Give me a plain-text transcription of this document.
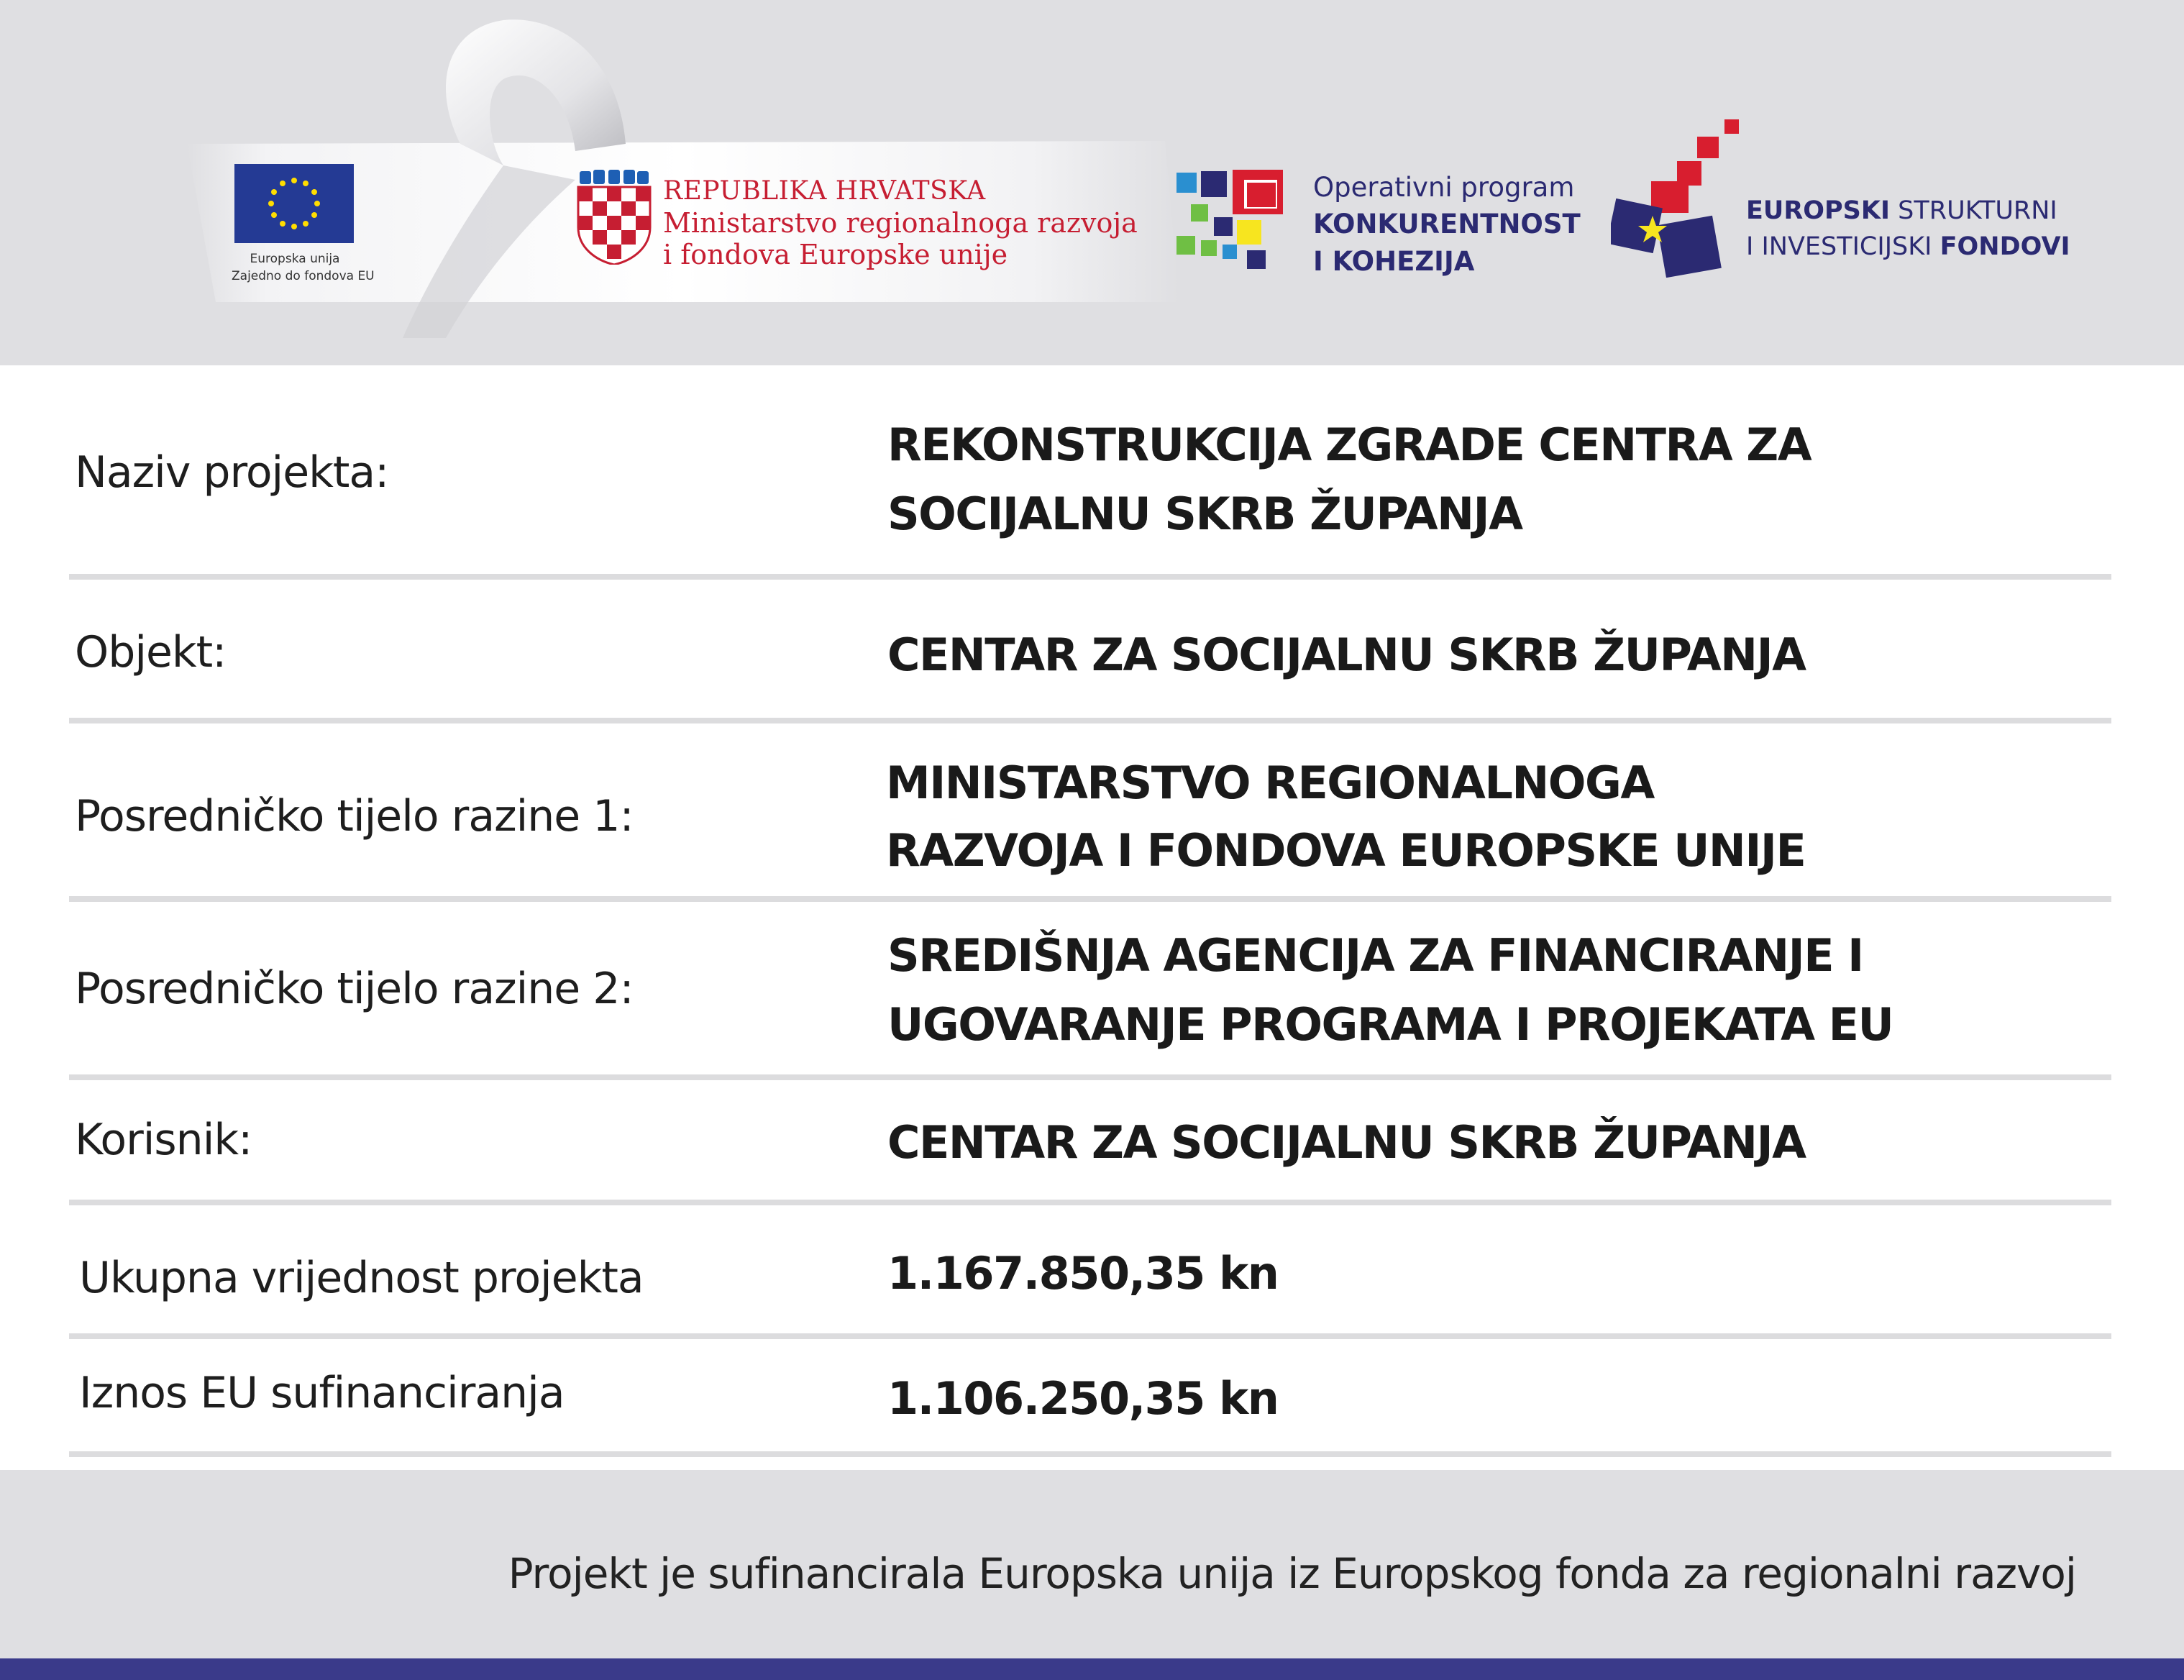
Europska unija
Zajedno do fondova EU
REPUBLIKA HRVATSKA
Ministarstvo regionalnoga razvoja
i fondova Europske unije
Operativni program
KONKURENTNOST
I KOHEZIJA
EUROPSKI STRUKTURNI
I INVESTICIJSKI FONDOVI
Naziv projekta:
REKONSTRUKCIJA ZGRADE CENTRA ZA
SOCIJALNU SKRB ŽUPANJA
Objekt:	CENTAR ZA SOCIJALNU SKRB ŽUPANJA
Posredničko tijelo razine 1:
MINISTARSTVO REGIONALNOGA
RAZVOJA I FONDOVA EUROPSKE UNIJE
Posredničko tijelo razine 2:
SREDIŠNJA AGENCIJA ZA FINANCIRANJE I
UGOVARANJE PROGRAMA I PROJEKATA EU
Korisnik:	CENTAR ZA SOCIJALNU SKRB ŽUPANJA
Ukupna vrijednost projekta	1.167.850,35 kn
Iznos EU sufinanciranja	1.106.250,35 kn
Projekt je sufinancirala Europska unija iz Europskog fonda za regionalni razvoj
